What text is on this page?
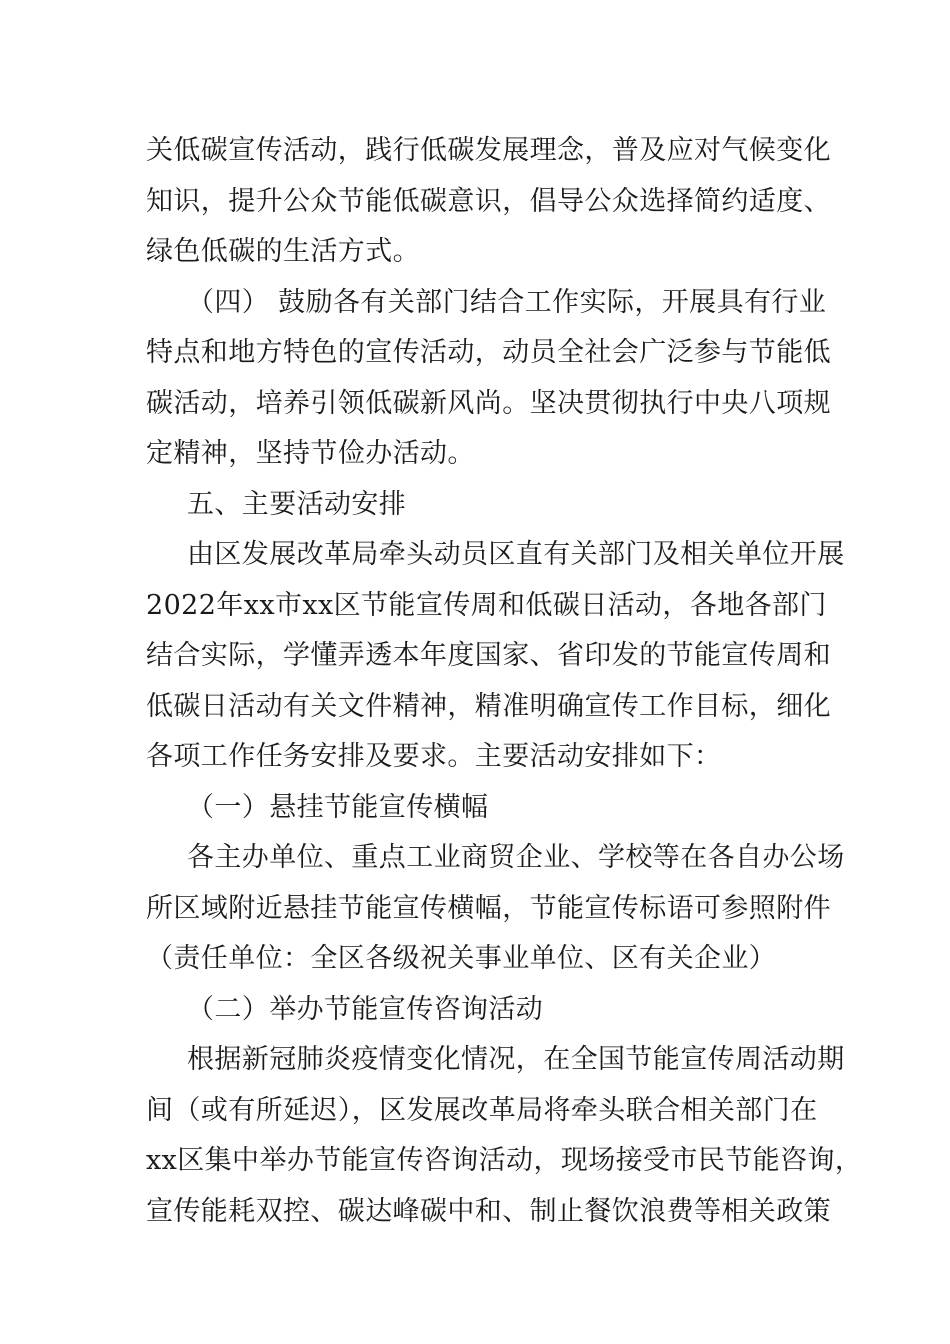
关低碳宣传活动，践行低碳发展理念，普及应对气候变化
知识，提升公众节能低碳意识，倡导公众选择简约适度、
绿色低碳的生活方式。
（四） 鼓励各有关部门结合工作实际，开展具有行业
特点和地方特色的宣传活动，动员全社会广泛参与节能低
碳活动，培养引领低碳新风尚。坚决贯彻执行中央八项规
定精神，坚持节俭办活动。
五、主要活动安排
由区发展改革局牵头动员区直有关部门及相关单位开展
2022年xx市xx区节能宣传周和低碳日活动，各地各部门
结合实际，学懂弄透本年度国家、省印发的节能宣传周和
低碳日活动有关文件精神，精准明确宣传工作目标，细化
各项工作任务安排及要求。主要活动安排如下：
（一）悬挂节能宣传横幅
各主办单位、重点工业商贸企业、学校等在各自办公场
所区域附近悬挂节能宣传横幅，节能宣传标语可参照附件
（责任单位：全区各级祝关事业单位、区有关企业）
（二）举办节能宣传咨询活动
根据新冠肺炎疫情变化情况，在全国节能宣传周活动期
间（或有所延迟），区发展改革局将牵头联合相关部门在
xx区集中举办节能宣传咨询活动，现场接受市民节能咨询，
宣传能耗双控、碳达峰碳中和、制止餐饮浪费等相关政策
